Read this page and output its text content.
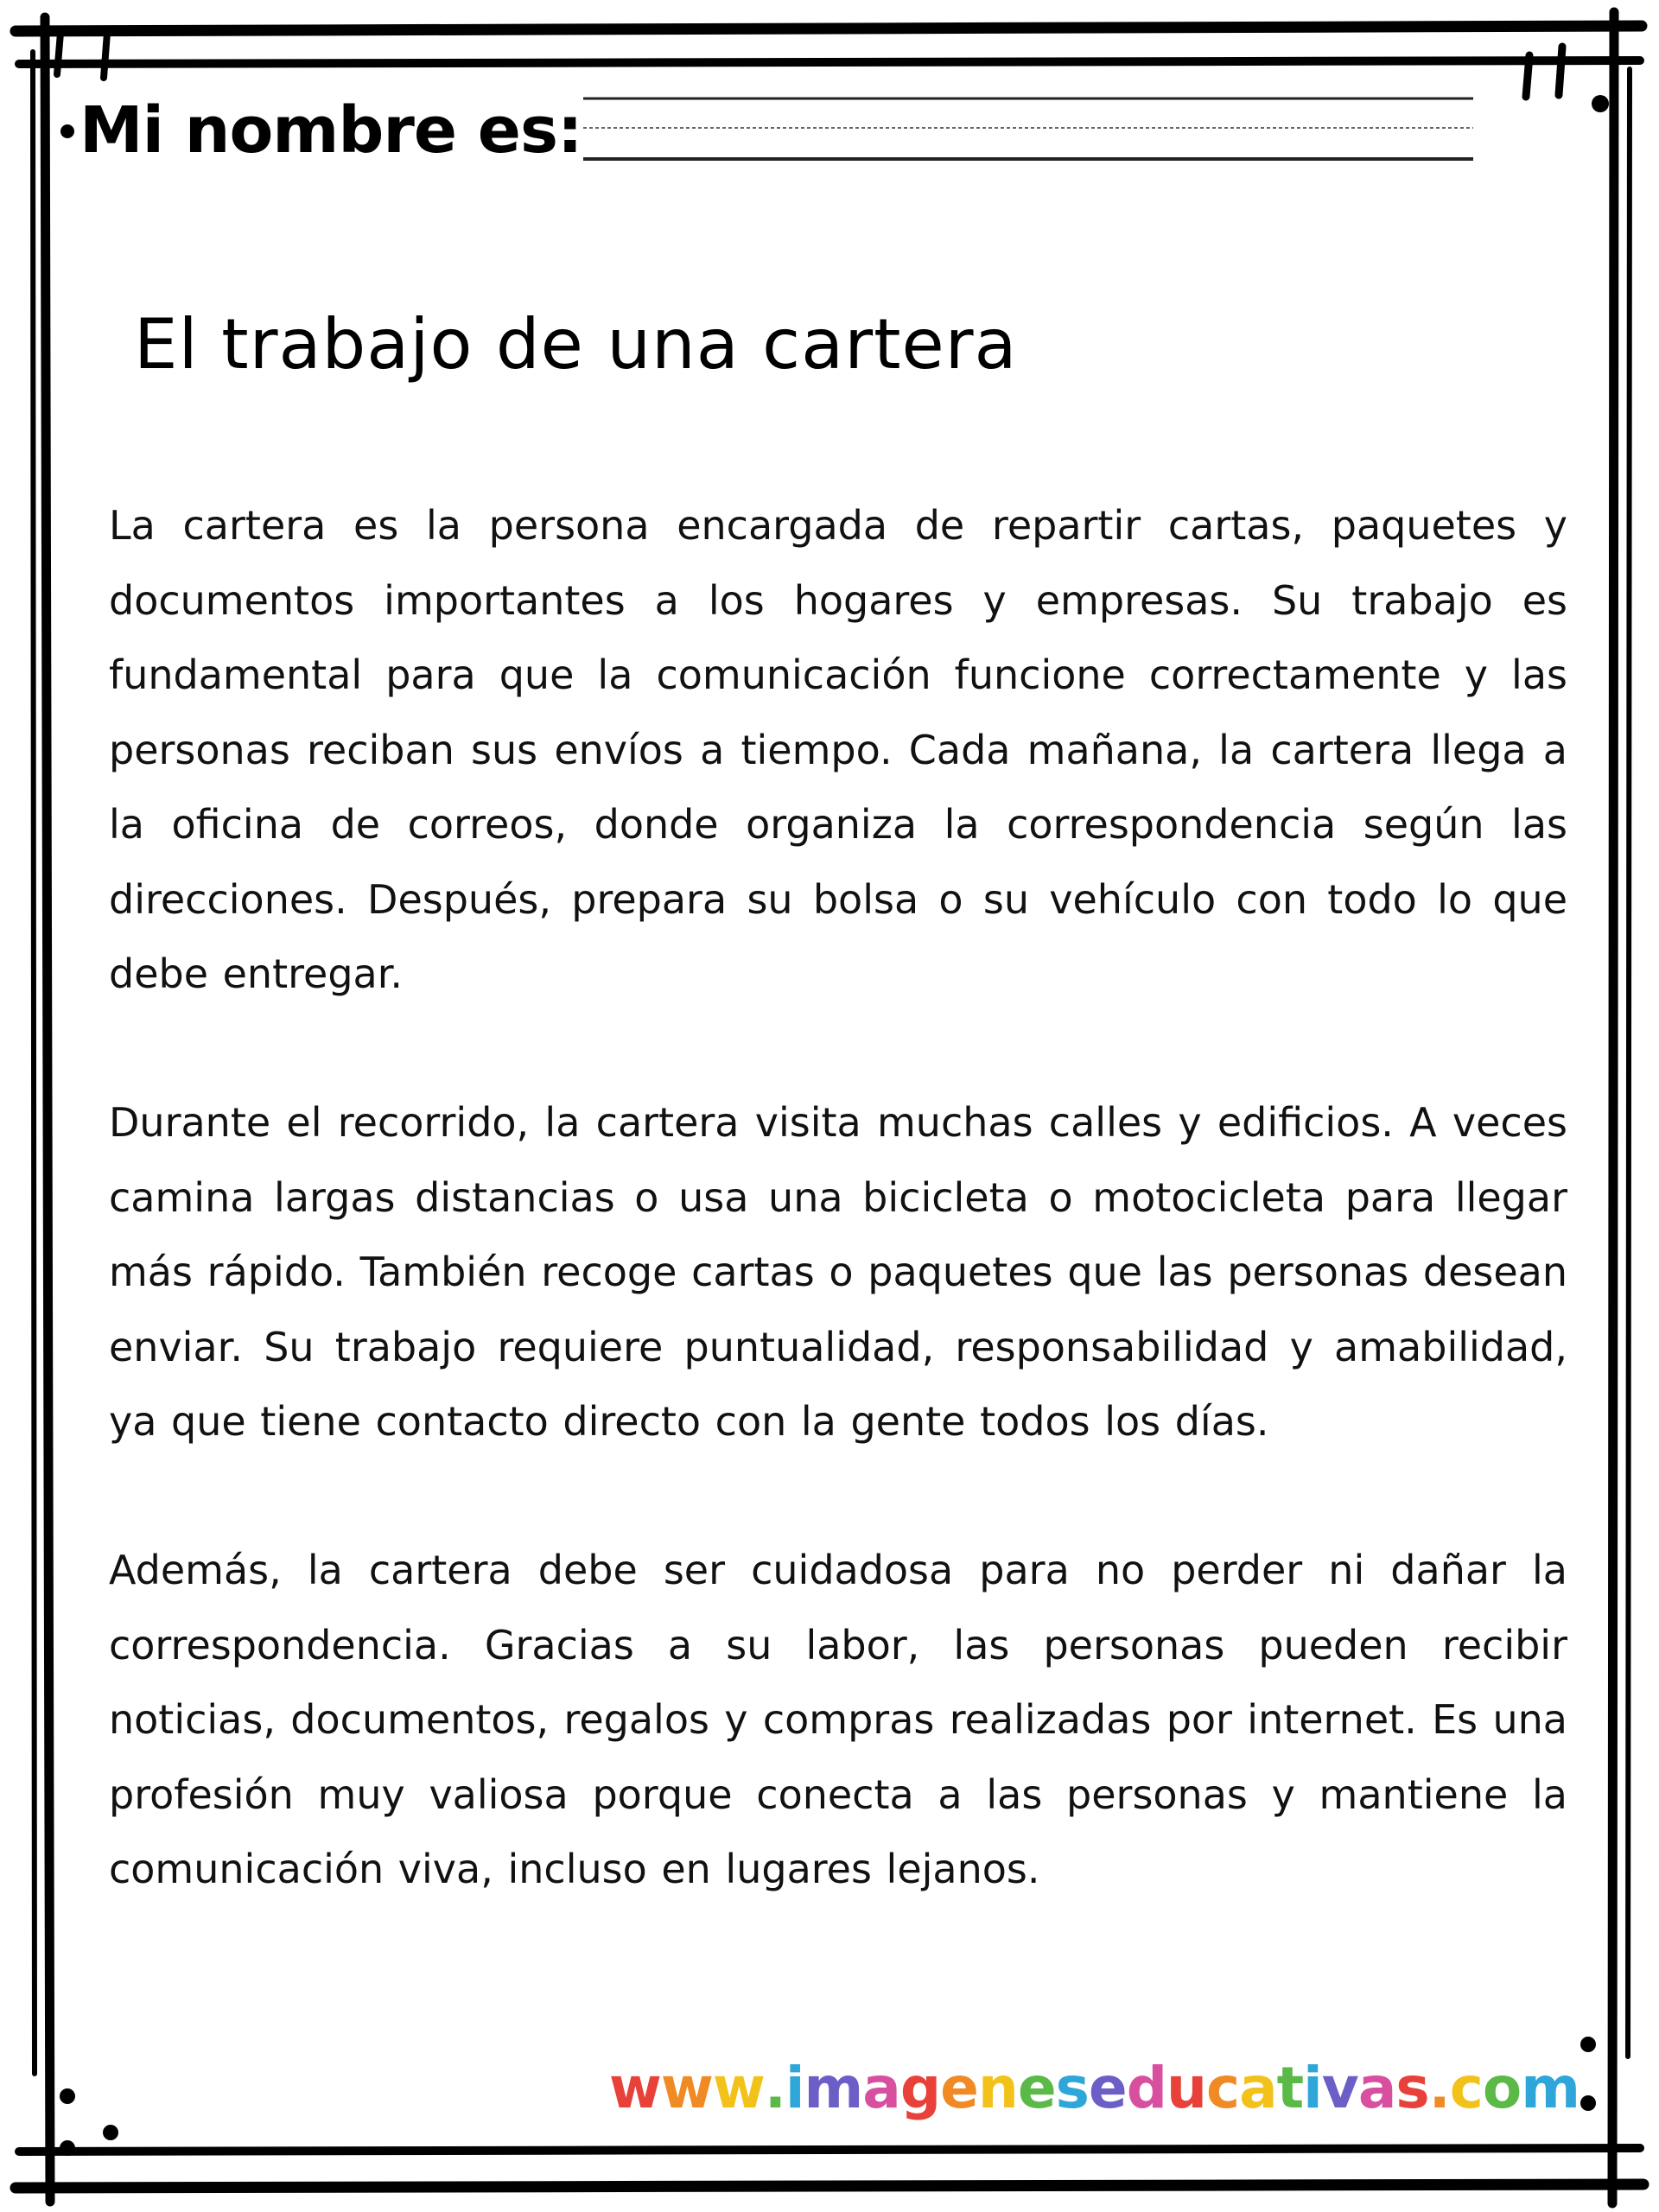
Mi nombre es:
El trabajo de una cartera

La cartera es la persona encargada de repartir cartas, paquetes y documentos importantes a los hogares y empresas. Su trabajo es fundamental para que la comunicación funcione correctamente y las personas reciban sus envíos a tiempo. Cada mañana, la cartera llega a la oficina de correos, donde organiza la correspondencia según las direcciones. Después, prepara su bolsa o su vehículo con todo lo que debe entregar.

Durante el recorrido, la cartera visita muchas calles y edificios. A veces camina largas distancias o usa una bicicleta o motocicleta para llegar más rápido. También recoge cartas o paquetes que las personas desean enviar. Su trabajo requiere puntualidad, responsabilidad y amabilidad, ya que tiene contacto directo con la gente todos los días.

Además, la cartera debe ser cuidadosa para no perder ni dañar la correspondencia. Gracias a su labor, las personas pueden recibir noticias, documentos, regalos y compras realizadas por internet. Es una profesión muy valiosa porque conecta a las personas y mantiene la comunicación viva, incluso en lugares lejanos.

www.imageneseducativas.com
